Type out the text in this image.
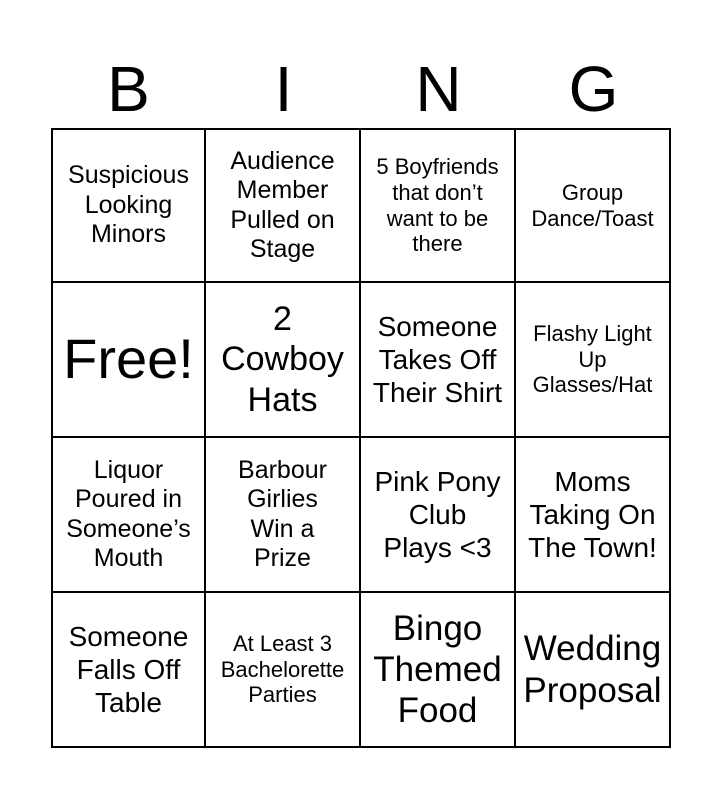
B	I	N	G
Suspicious
Looking
Minors
Audience
Member
Pulled on
Stage
5 Boyfriends
that don’t
want to be
there
Group
Dance/Toast
Free!
2
Cowboy
Hats
Someone
Takes Off
Their Shirt
Flashy Light
Up
Glasses/Hat
Liquor
Poured in
Someone’s
Mouth
Barbour
Girlies
Win a
Prize
Pink Pony
Club
Plays <3
Moms
Taking On
The Town!
Someone
Falls Off
Table
At Least 3
Bachelorette
Parties
Bingo
Themed
Food
Wedding
Proposal
